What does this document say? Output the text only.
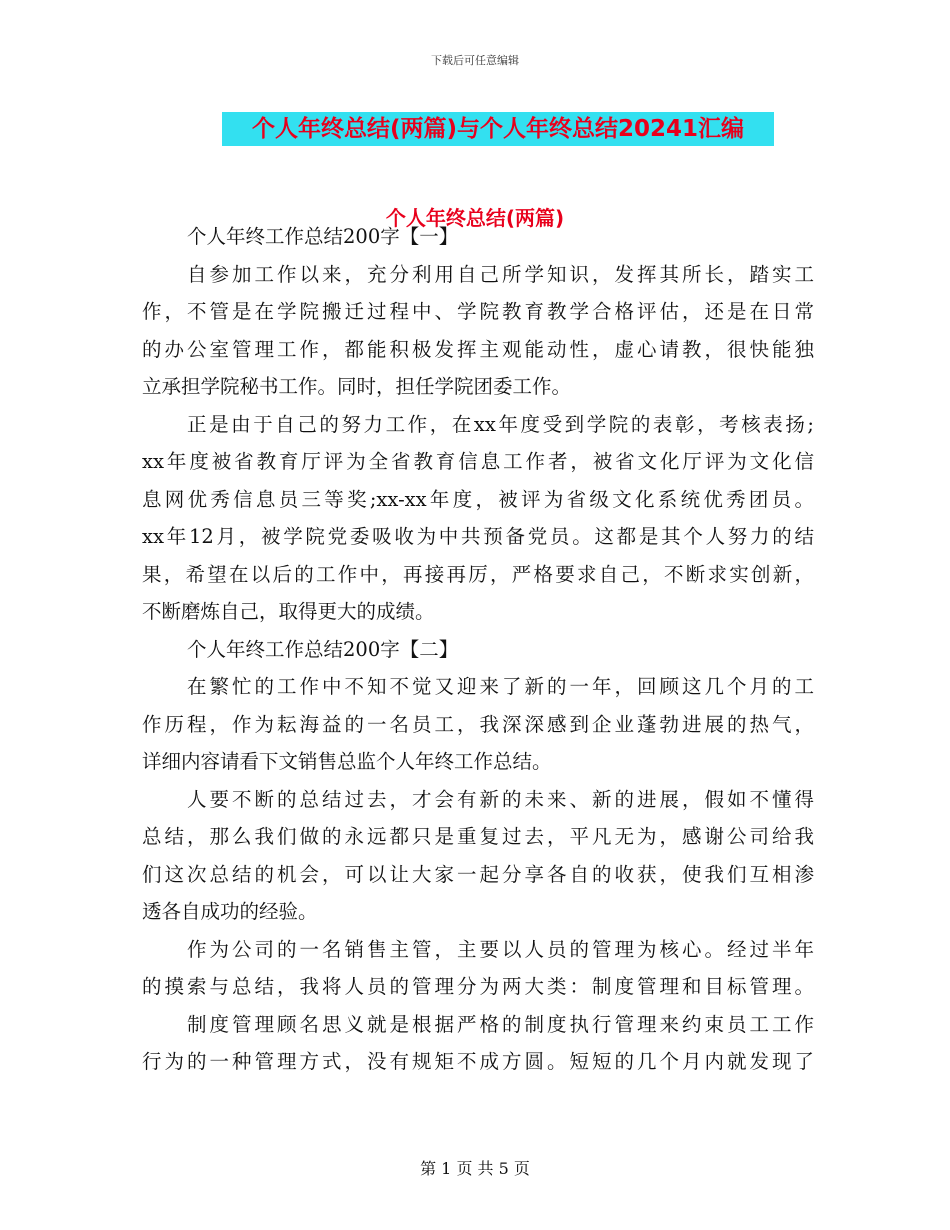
下载后可任意编辑
个人年终总结(两篇)与个人年终总结20241汇编
个人年终总结(两篇)
个人年终工作总结200字【一】
自参加工作以来，充分利用自己所学知识，发挥其所长，踏实工
作，不管是在学院搬迁过程中、学院教育教学合格评估，还是在日常
的办公室管理工作，都能积极发挥主观能动性，虚心请教，很快能独
立承担学院秘书工作。同时，担任学院团委工作。
正是由于自己的努力工作，在xx年度受到学院的表彰，考核表扬;
xx年度被省教育厅评为全省教育信息工作者，被省文化厅评为文化信
息网优秀信息员三等奖;xx-xx年度，被评为省级文化系统优秀团员。
xx年12月，被学院党委吸收为中共预备党员。这都是其个人努力的结
果，希望在以后的工作中，再接再厉，严格要求自己，不断求实创新，
不断磨炼自己，取得更大的成绩。
个人年终工作总结200字【二】
在繁忙的工作中不知不觉又迎来了新的一年，回顾这几个月的工
作历程，作为耘海益的一名员工，我深深感到企业蓬勃进展的热气，
详细内容请看下文销售总监个人年终工作总结。
人要不断的总结过去，才会有新的未来、新的进展，假如不懂得
总结，那么我们做的永远都只是重复过去，平凡无为，感谢公司给我
们这次总结的机会，可以让大家一起分享各自的收获，使我们互相渗
透各自成功的经验。
作为公司的一名销售主管，主要以人员的管理为核心。经过半年
的摸索与总结，我将人员的管理分为两大类：制度管理和目标管理。
制度管理顾名思义就是根据严格的制度执行管理来约束员工工作
行为的一种管理方式，没有规矩不成方圆。短短的几个月内就发现了
第 1 页 共 5 页
